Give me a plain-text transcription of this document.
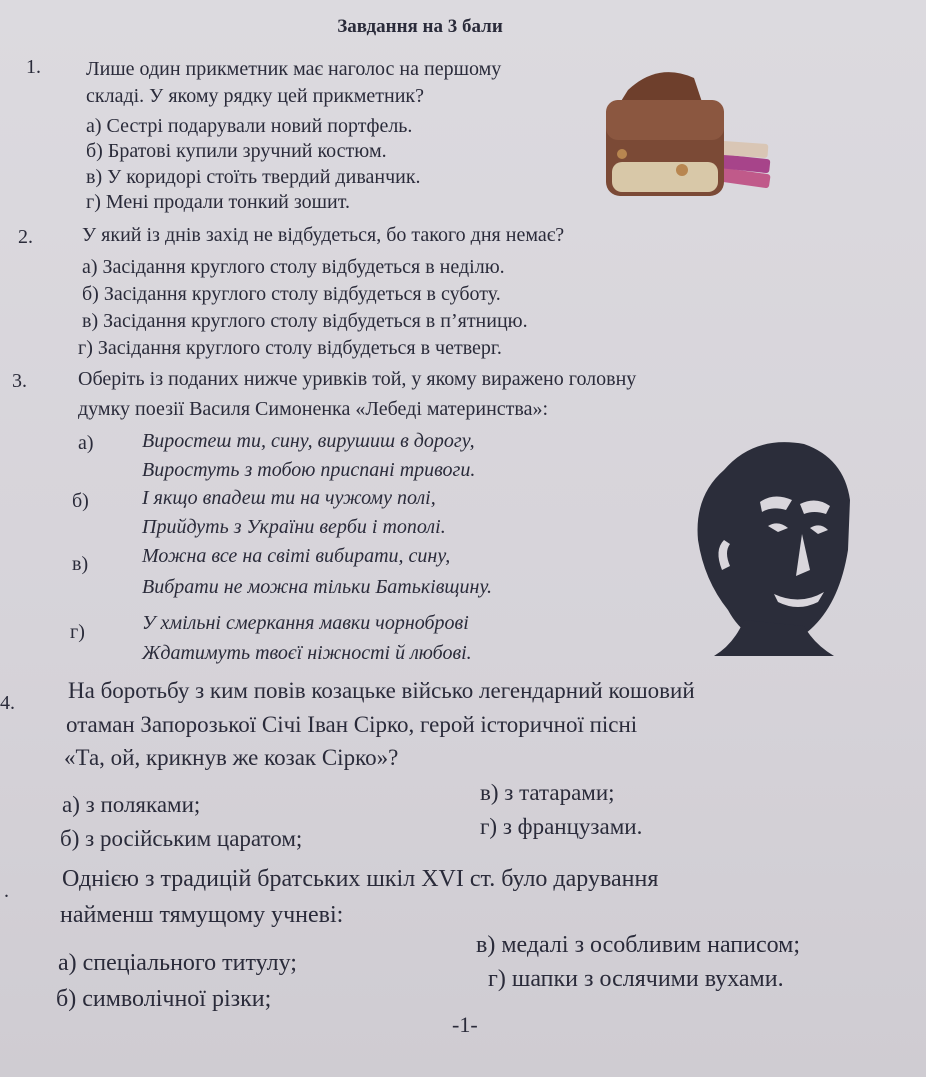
Завдання на 3 бали
1. Лише один прикметник має наголос на першому
складі. У якому рядку цей прикметник?
а) Сестрі подарували новий портфель.
б) Братові купили зручний костюм.
в) У коридорі стоїть твердий диванчик.
г) Мені продали тонкий зошит.
2. У який із днів захід не відбудеться, бо такого дня немає?
а) Засідання круглого столу відбудеться в неділю.
б) Засідання круглого столу відбудеться в суботу.
в) Засідання круглого столу відбудеться в п’ятницю.
г) Засідання круглого столу відбудеться в четверг.
3.	Оберіть із поданих нижче уривків той, у якому виражено головну
думку поезії Василя Симоненка «Лебеді материнства»:
а) Виростеш ти, сину, вирушиш в дорогу,
Виростуть з тобою приспані тривоги.
б)	І якщо впадеш ти на чужому полі,
Прийдуть з України верби і тополі.
в)	Можна все на світі вибирати, сину,
Вибрати не можна тільки Батьківщину.
г)	У хмільні смеркання мавки чорноброві
Ждатимуть твоєї ніжності й любові.
4. На боротьбу з ким повів козацьке військо легендарний кошовий
отаман Запорозької Січі Іван Сірко, герой історичної пісні
«Та, ой, крикнув же козак Сірко»?
а) з поляками;	в) з татарами;
б) з російським царатом;	г) з французами.
. Однією з традицій братських шкіл XVI ст. було дарування
найменш тямущому учневі:
а) спеціального титулу;
в) медалі з особливим написом;
б) символічної різки;
г) шапки з ослячими вухами.
-1-
